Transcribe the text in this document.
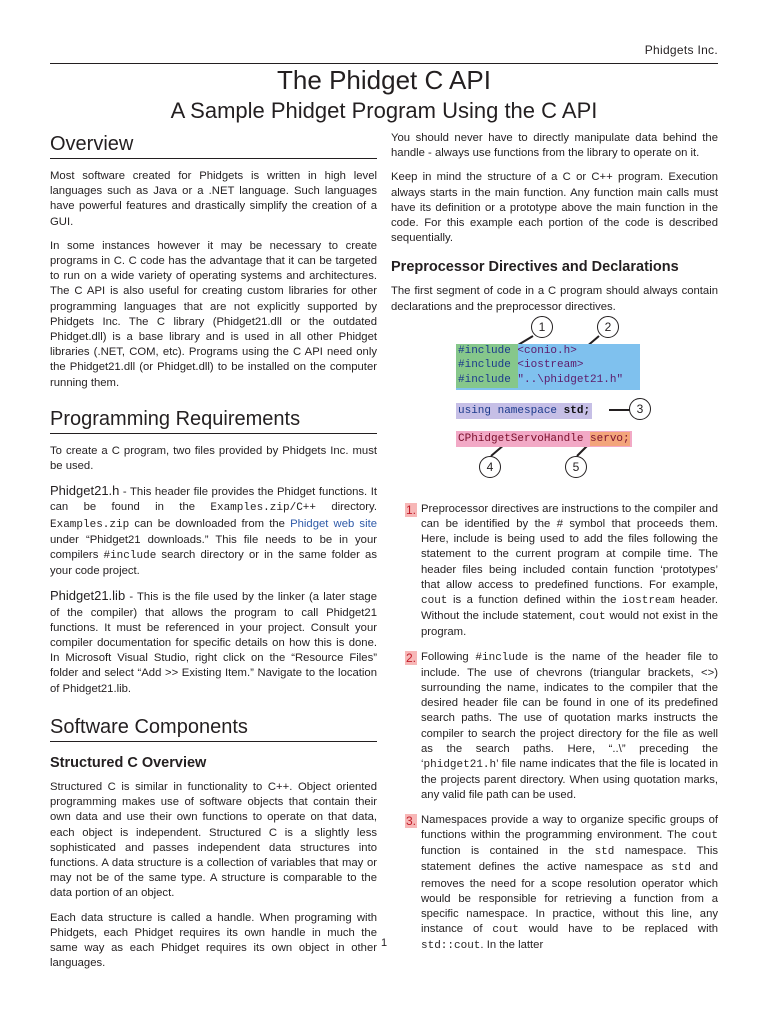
Phidgets Inc.
The Phidget C API
A Sample Phidget Program Using the C API
Overview

Most software created for Phidgets is written in high level languages such as Java or a .NET language. Such languages have powerful features and drastically simplify the creation of a GUI.

In some instances however it may be necessary to create programs in C. C code has the advantage that it can be targeted to run on a wide variety of operating systems and architectures. The C API is also useful for creating custom libraries for other programming languages that are not explicitly supported by Phidgets Inc. The C library (Phidget21.dll or the outdated Phidget.dll) is a base library and is used in all other Phidget libraries (.NET, COM, etc). Programs using the C API need only the Phidget21.dll (or Phidget.dll) to be installed on the computer running them.

Programming Requirements

To create a C program, two files provided by Phidgets Inc. must be used.

Phidget21.h - This header file provides the Phidget functions. It can be found in the Examples.zip/C++ directory. Examples.zip can be downloaded from the Phidget web site under “Phidget21 downloads.” This file needs to be in your compilers #include search directory or in the same folder as your code project.

Phidget21.lib - This is the file used by the linker (a later stage of the compiler) that allows the program to call Phidget21 functions. It must be referenced in your project. Consult your compiler documentation for specific details on how this is done. In Microsoft Visual Studio, right click on the “Resource Files” folder and select “Add >> Existing Item.” Navigate to the location of Phidget21.lib.

Software Components
Structured C Overview

Structured C is similar in functionality to C++. Object oriented programming makes use of software objects that contain their own data and use their own functions to operate on that data, each object is independent. Structured C is a slightly less sophisticated and passes independent data structures into functions. A data structure is a collection of variables that may or may not be of the same type. A structure is comparable to the data portion of an object.

Each data structure is called a handle. When programing with Phidgets, each Phidget requires its own handle in much the same way as each Phidget requires its own object in other languages.

You should never have to directly manipulate data behind the handle - always use functions from the library to operate on it.

Keep in mind the structure of a C or C++ program. Execution always starts in the main function. Any function main calls must have its definition or a prototype above the main function in the code. For this example each portion of the code is described sequentially.

Preprocessor Directives and Declarations

The first segment of code in a C program should always contain declarations and the preprocessor directives.

#include <conio.h>
#include <iostream>
#include "..\phidget21.h"
using namespace std;
CPhidgetServoHandle servo;
1	2
3
4	5
1. Preprocessor directives are instructions to the compiler and can be identified by the # symbol that proceeds them. Here, include is being used to add the files following the statement to the current program at compile time. The header files being included contain function ‘prototypes’ that allow access to predefined functions. For example, cout is a function defined within the iostream header. Without the include statement, cout would not exist in the program.
2. Following #include is the name of the header file to include. The use of chevrons (triangular brackets, <>) surrounding the name, indicates to the compiler that the desired header file can be found in one of its predefined search paths. The use of quotation marks instructs the compiler to search the project directory for the file as well as the search paths. Here, “..\” preceding the ‘phidget21.h’ file name indicates that the file is located in the projects parent directory. When using quotation marks, any valid file path can be used.
3. Namespaces provide a way to organize specific groups of functions within the programming environment. The cout function is contained in the std namespace. This statement defines the active namespace as std and removes the need for a scope resolution operator which would be responsible for retrieving a function from a specific namespace. In practice, without this line, any instance of cout would have to be replaced with std::cout. In the latter
1
